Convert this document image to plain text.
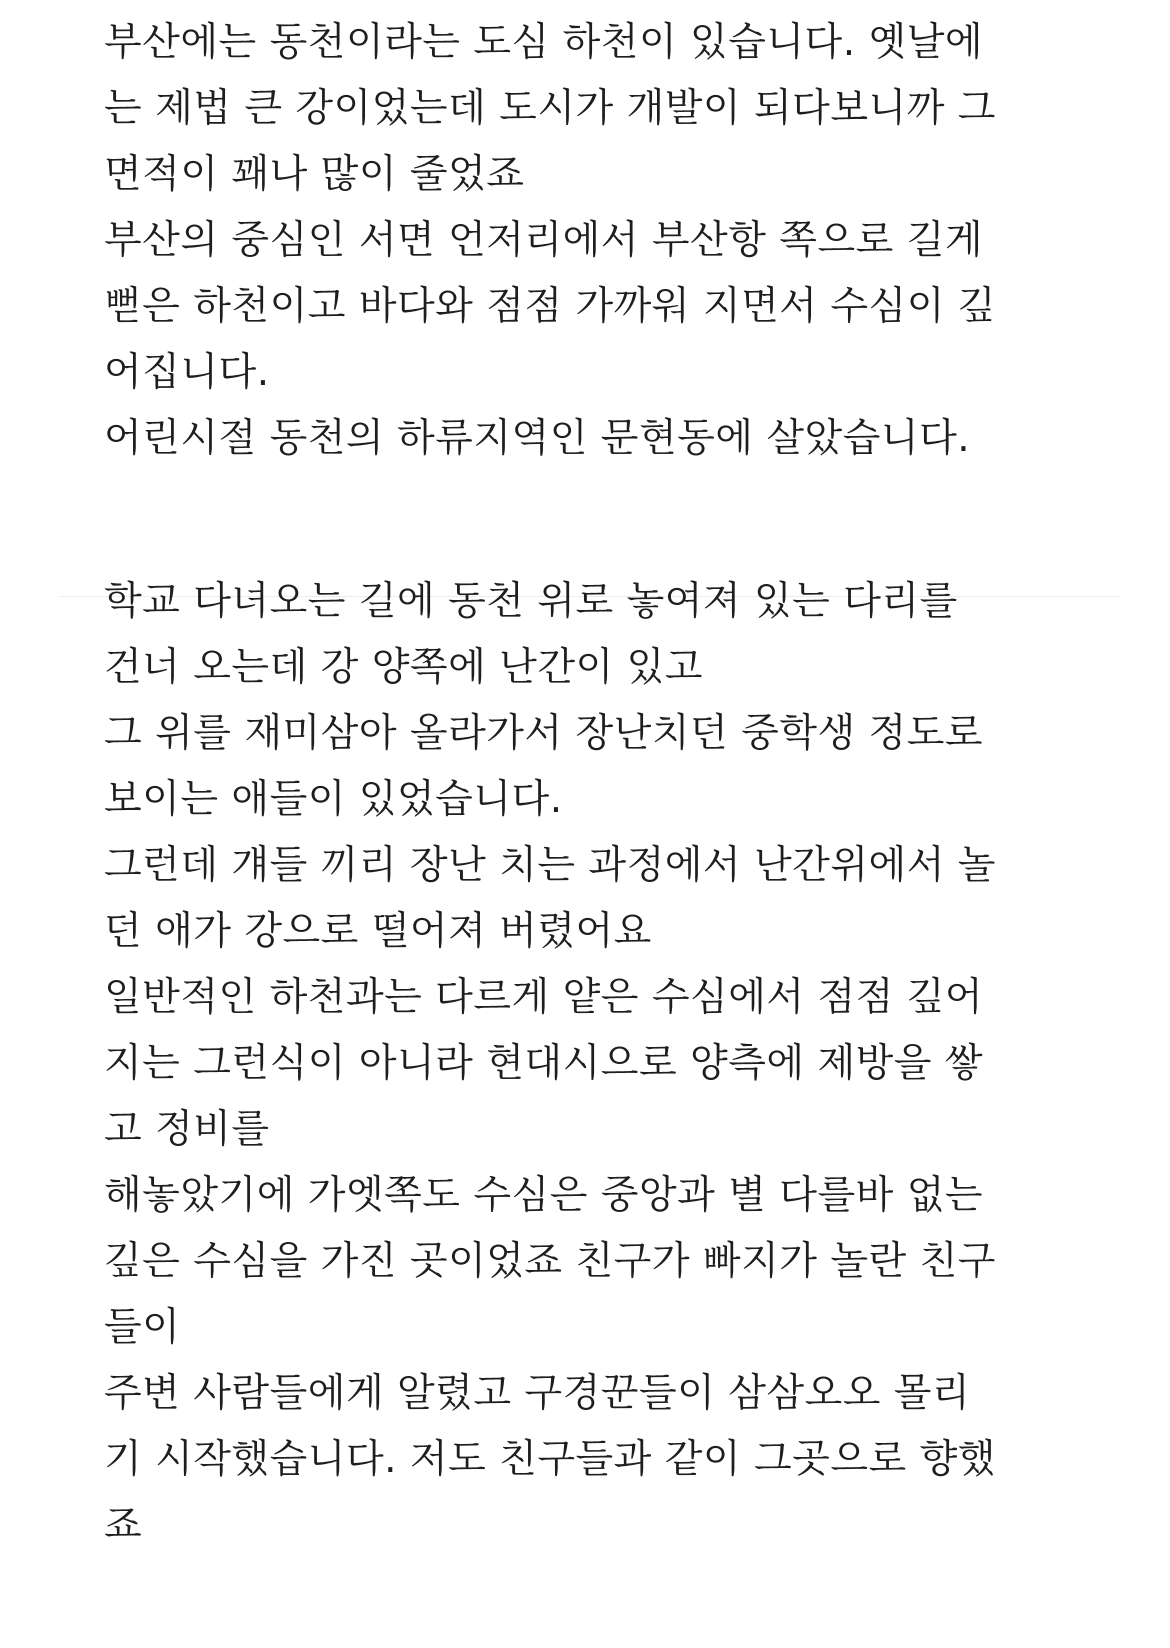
부산에는 동천이라는 도심 하천이 있습니다. 옛날에
는 제법 큰 강이었는데 도시가 개발이 되다보니까 그
면적이 꽤나 많이 줄었죠
부산의 중심인 서면 언저리에서 부산항 쪽으로 길게
뻗은 하천이고 바다와 점점 가까워 지면서 수심이 깊
어집니다.
어린시절 동천의 하류지역인 문현동에 살았습니다.
학교 다녀오는 길에 동천 위로 놓여져 있는 다리를
건너 오는데 강 양쪽에 난간이 있고
그 위를 재미삼아 올라가서 장난치던 중학생 정도로
보이는 애들이 있었습니다.
그런데 걔들 끼리 장난 치는 과정에서 난간위에서 놀
던 애가 강으로 떨어져 버렸어요
일반적인 하천과는 다르게 얕은 수심에서 점점 깊어
지는 그런식이 아니라 현대시으로 양측에 제방을 쌓
고 정비를
해놓았기에 가엣쪽도 수심은 중앙과 별 다를바 없는
깊은 수심을 가진 곳이었죠 친구가 빠지가 놀란 친구
들이
주변 사람들에게 알렸고 구경꾼들이 삼삼오오 몰리
기 시작했습니다. 저도 친구들과 같이 그곳으로 향했
죠
